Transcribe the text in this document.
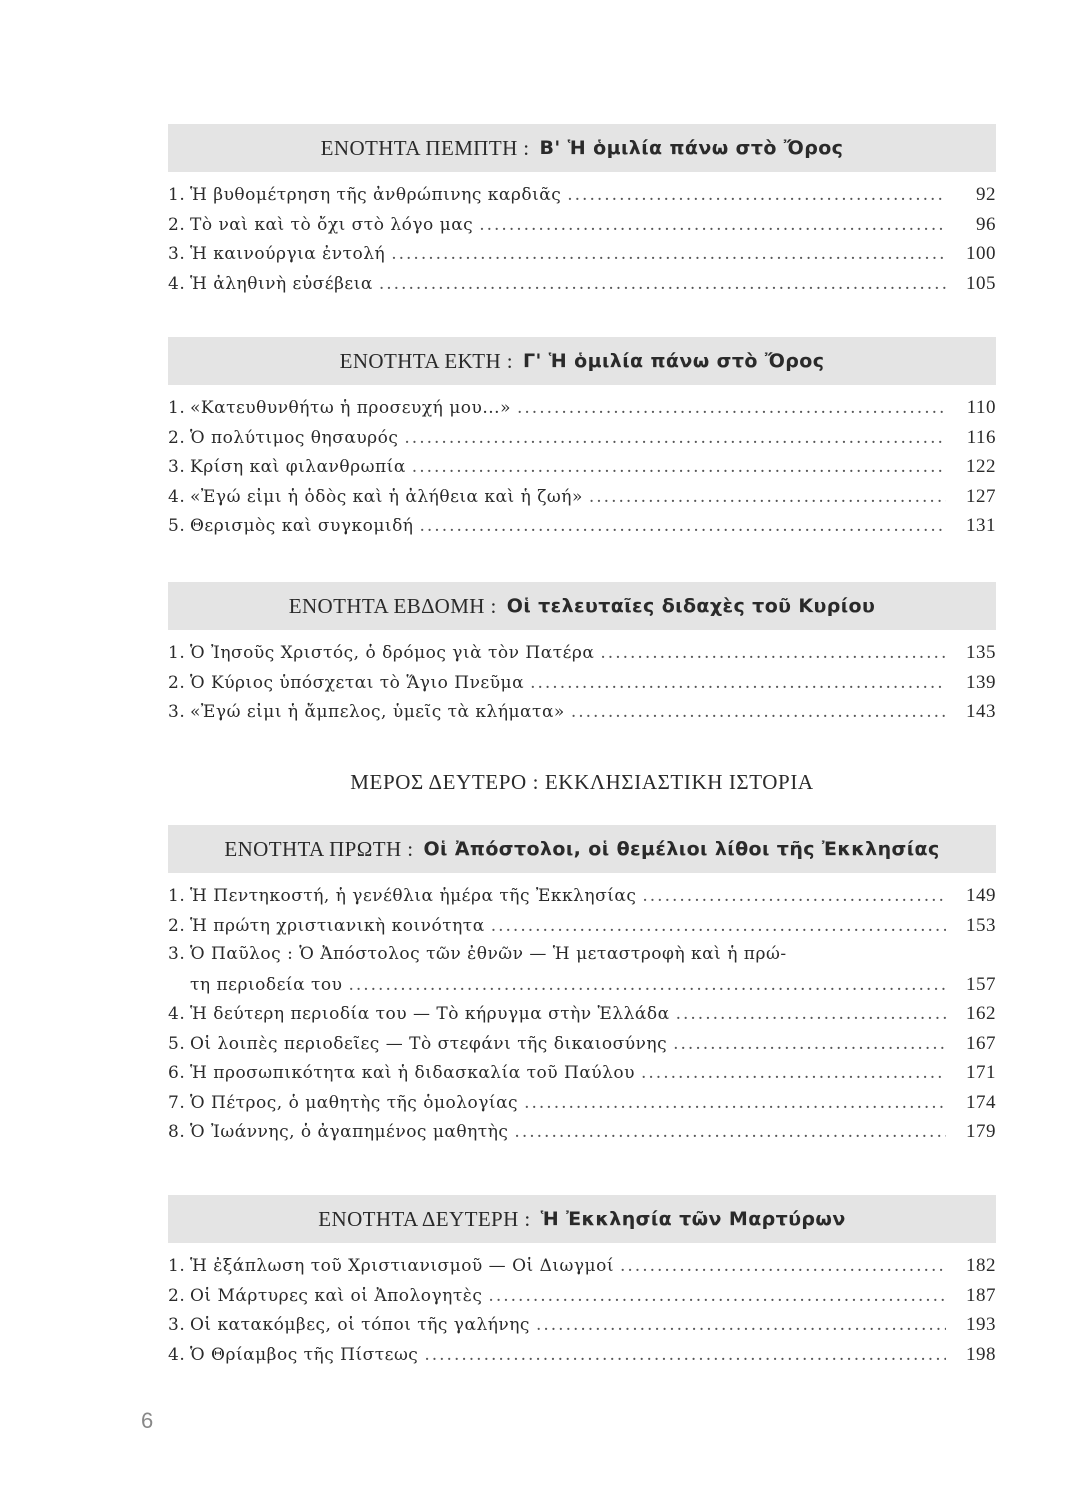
ΕΝΟΤΗΤΑ ΠΕΜΠΤΗ : Β' Ἡ ὁμιλία πάνω στὸ Ὄρος
1. Ἡ βυθομέτρηση τῆς ἀνθρώπινης καρδιᾶς .....	92
2. Τὸ ναὶ καὶ τὸ ὄχι στὸ λόγο μας .....	96
3. Ἡ καινούργια ἐντολή .....	100
4. Ἡ ἀληθινὴ εὐσέβεια .....	105
ΕΝΟΤΗΤΑ ΕΚΤΗ : Γ' Ἡ ὁμιλία πάνω στὸ Ὄρος
1. «Κατευθυνθήτω ἡ προσευχή μου...» .....	110
2. Ὁ πολύτιμος θησαυρός .....	116
3. Κρίση καὶ φιλανθρωπία .....	122
4. «Ἐγώ εἰμι ἡ ὁδὸς καὶ ἡ ἀλήθεια καὶ ἡ ζωή» .....	127
5. Θερισμὸς καὶ συγκομιδή .....	131
ΕΝΟΤΗΤΑ ΕΒΔΟΜΗ : Οἱ τελευταῖες διδαχὲς τοῦ Κυρίου
1. Ὁ Ἰησοῦς Χριστός, ὁ δρόμος γιὰ τὸν Πατέρα .....	135
2. Ὁ Κύριος ὑπόσχεται τὸ Ἅγιο Πνεῦμα .....	139
3. «Ἐγώ εἰμι ἡ ἄμπελος, ὑμεῖς τὰ κλήματα» .....	143
ΜΕΡΟΣ ΔΕΥΤΕΡΟ : ΕΚΚΛΗΣΙΑΣΤΙΚΗ ΙΣΤΟΡΙΑ
ΕΝΟΤΗΤΑ ΠΡΩΤΗ : Οἱ Ἀπόστολοι, οἱ θεμέλιοι λίθοι τῆς Ἐκκλησίας
1. Ἡ Πεντηκοστή, ἡ γενέθλια ἡμέρα τῆς Ἐκκλησίας .....	149
2. Ἡ πρώτη χριστιανικὴ κοινότητα .....	153
3. Ὁ Παῦλος : Ὁ Ἀπόστολος τῶν ἐθνῶν — Ἡ μεταστροφὴ καὶ ἡ πρώ-
τη περιοδεία του .....	157
4. Ἡ δεύτερη περιοδία του — Τὸ κήρυγμα στὴν Ἑλλάδα .....	162
5. Οἱ λοιπὲς περιοδεῖες — Τὸ στεφάνι τῆς δικαιοσύνης .....	167
6. Ἡ προσωπικότητα καὶ ἡ διδασκαλία τοῦ Παύλου .....	171
7. Ὁ Πέτρος, ὁ μαθητὴς τῆς ὁμολογίας .....	174
8. Ὁ Ἰωάννης, ὁ ἀγαπημένος μαθητὴς .....	179
ΕΝΟΤΗΤΑ ΔΕΥΤΕΡΗ : Ἡ Ἐκκλησία τῶν Μαρτύρων
1. Ἡ ἐξάπλωση τοῦ Χριστιανισμοῦ — Οἱ Διωγμοί .....	182
2. Οἱ Μάρτυρες καὶ οἱ Ἀπολογητὲς .....	187
3. Οἱ κατακόμβες, οἱ τόποι τῆς γαλήνης .....	193
4. Ὁ Θρίαμβος τῆς Πίστεως .....	198
6
